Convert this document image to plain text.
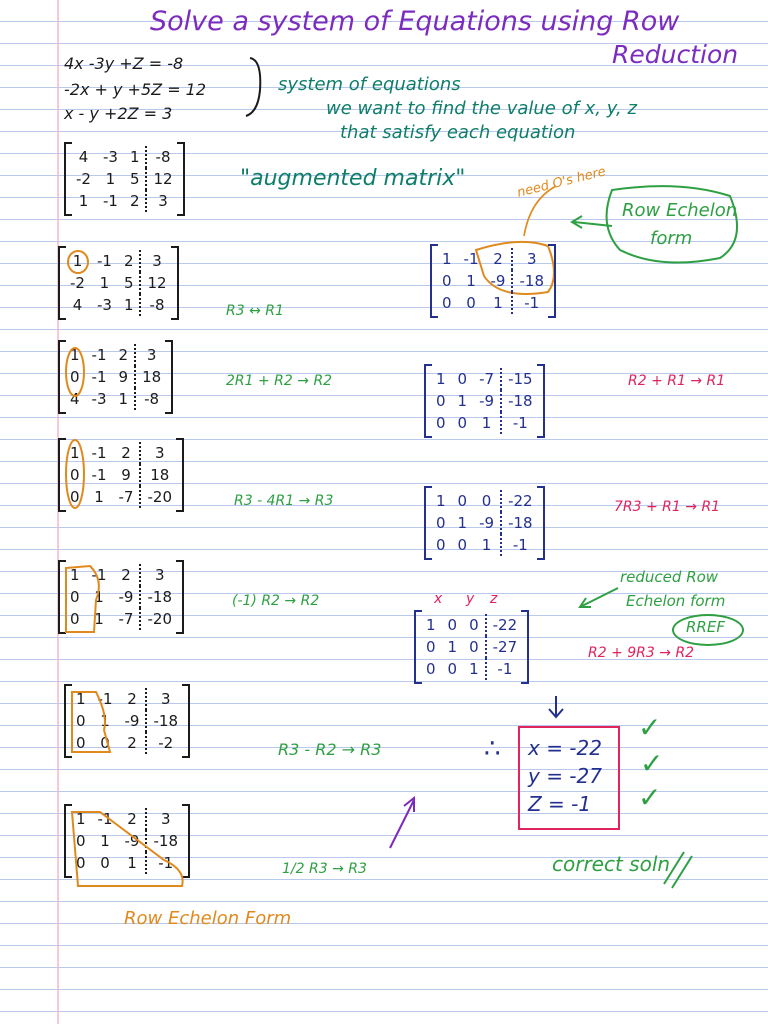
Solve a system of Equations using Row
Reduction
4x -3y +Z = -8
-2x + y +5Z = 12
x - y +2Z = 3
system of equations
we want to find the value of x, y, z
that satisfy each equation
"augmented matrix"
4	-3	1	-8
-2	1	5	12
1	-1	2	3
1	-1	2	3
-2	1	5	12
4	-3	1	-8	R3 ↔ R1
1	-1	2	3
0	-1	9	18
4	-3	1	-8
2R1 + R2 → R2
1	-1	2	3
0	-1	9	18
0	1	-7	-20	R3 - 4R1 → R3
1	-1	2	3
0	1	-9	-18
0	1	-7	-20
(-1) R2 → R2
1	-1	2	3
0	1	-9	-18
0	0	2	-2	R3 - R2 → R3
1	-1	2	3
0	1	-9	-18
0	0	1	-1	1/2 R3 → R3
Row Echelon Form
need O's here
Row Echelon
form
1	-1	2	3
0	1	-9	-18
0	0	1	-1
1	0	-7	-15
0	1	-9	-18
0	0	1	-1
R2 + R1 → R1
1	0	0	-22
0	1	-9	-18
0	0	1	-1
7R3 + R1 → R1
x y z
1	0	0	-22
0	1	0	-27
0	0	1	-1
R2 + 9R3 → R2
reduced Row
Echelon form
RREF
∴ x = -22
y = -27
Z = -1
✓
✓
✓
correct soln
